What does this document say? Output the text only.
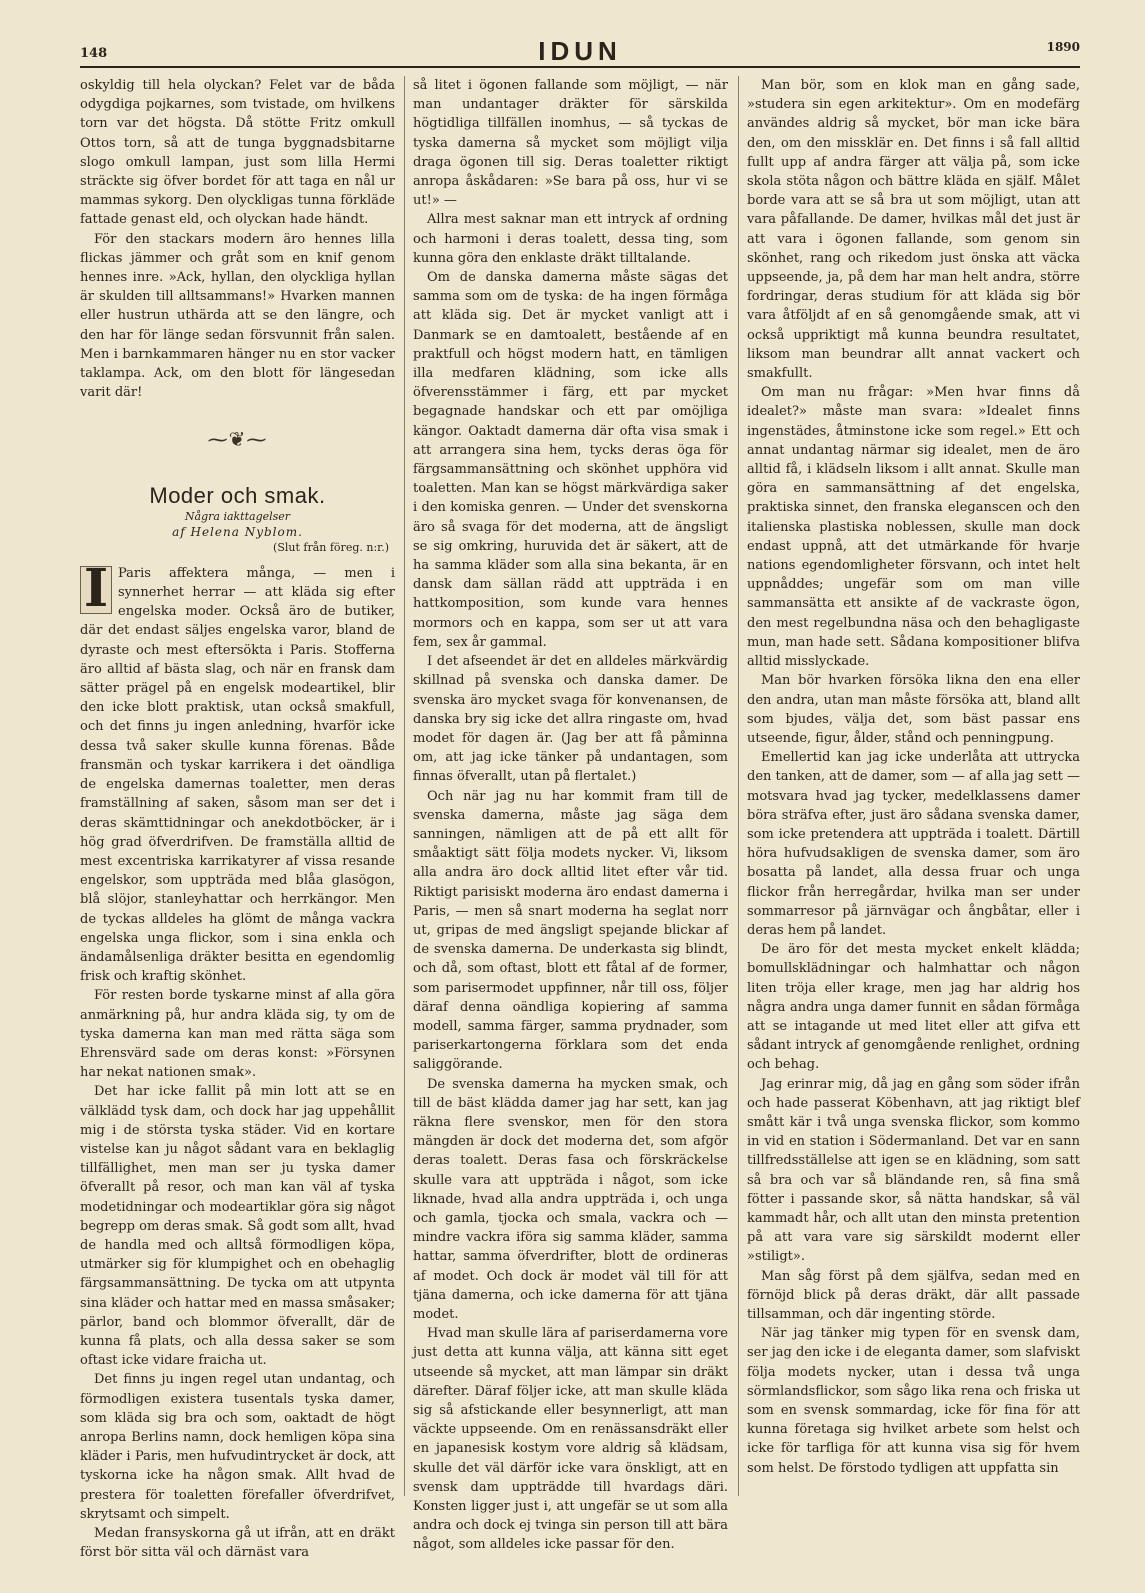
148	IDUN	1890

oskyldig till hela olyckan? Felet var de båda odygdiga pojkarnes, som tvistade, om hvilkens torn var det högsta. Då stötte Fritz omkull Ottos torn, så att de tunga byggnadsbitarne slogo omkull lampan, just som lilla Hermi sträckte sig öfver bordet för att taga en nål ur mammas sykorg. Den olyckligas tunna förkläde fattade genast eld, och olyckan hade händt.

För den stackars modern äro hennes lilla flickas jämmer och gråt som en knif genom hennes inre. »Ack, hyllan, den olyckliga hyllan är skulden till alltsammans!» Hvarken mannen eller hustrun uthärda att se den längre, och den har för länge sedan försvunnit från salen. Men i barnkammaren hänger nu en stor vacker taklampa. Ack, om den blott för längesedan varit där!

⁓❦⁓
Moder och smak.
Några iakttagelser
af Helena Nyblom.
(Slut från föreg. n:r.)

I Paris affektera många, — men i synnerhet herrar — att kläda sig efter engelska moder. Också äro de butiker, där det endast säljes engelska varor, bland de dyraste och mest eftersökta i Paris. Stofferna äro alltid af bästa slag, och när en fransk dam sätter prägel på en engelsk modeartikel, blir den icke blott praktisk, utan också smakfull, och det finns ju ingen anledning, hvarför icke dessa två saker skulle kunna förenas. Både fransmän och tyskar karrikera i det oändliga de engelska damernas toaletter, men deras framställning af saken, såsom man ser det i deras skämttidningar och anekdotböcker, är i hög grad öfverdrifven. De framställa alltid de mest excentriska karrikatyrer af vissa resande engelskor, som uppträda med blåa glasögon, blå slöjor, stanleyhattar och herrkängor. Men de tyckas alldeles ha glömt de många vackra engelska unga flickor, som i sina enkla och ändamålsenliga dräkter besitta en egendomlig frisk och kraftig skönhet.

För resten borde tyskarne minst af alla göra anmärkning på, hur andra kläda sig, ty om de tyska damerna kan man med rätta säga som Ehrensvärd sade om deras konst: »Försynen har nekat nationen smak».

Det har icke fallit på min lott att se en välklädd tysk dam, och dock har jag uppehållit mig i de största tyska städer. Vid en kortare vistelse kan ju något sådant vara en beklaglig tillfällighet, men man ser ju tyska damer öfverallt på resor, och man kan väl af tyska modetidningar och modeartiklar göra sig något begrepp om deras smak. Så godt som allt, hvad de handla med och alltså förmodligen köpa, utmärker sig för klumpighet och en obehaglig färgsammansättning. De tycka om att utpynta sina kläder och hattar med en massa småsaker; pärlor, band och blommor öfverallt, där de kunna få plats, och alla dessa saker se som oftast icke vidare fraicha ut.

Det finns ju ingen regel utan undantag, och förmodligen existera tusentals tyska damer, som kläda sig bra och som, oaktadt de högt anropa Berlins namn, dock hemligen köpa sina kläder i Paris, men hufvudintrycket är dock, att tyskorna icke ha någon smak. Allt hvad de prestera för toaletten förefaller öfverdrifvet, skrytsamt och simpelt.

Medan fransyskorna gå ut ifrån, att en dräkt först bör sitta väl och därnäst vara

så litet i ögonen fallande som möjligt, — när man undantager dräkter för särskilda högtidliga tillfällen inomhus, — så tyckas de tyska damerna så mycket som möjligt vilja draga ögonen till sig. Deras toaletter riktigt anropa åskådaren: »Se bara på oss, hur vi se ut!» —

Allra mest saknar man ett intryck af ordning och harmoni i deras toalett, dessa ting, som kunna göra den enklaste dräkt tilltalande.

Om de danska damerna måste sägas det samma som om de tyska: de ha ingen förmåga att kläda sig. Det är mycket vanligt att i Danmark se en damtoalett, bestående af en praktfull och högst modern hatt, en tämligen illa medfaren klädning, som icke alls öfverensstämmer i färg, ett par mycket begagnade handskar och ett par omöjliga kängor. Oaktadt damerna där ofta visa smak i att arrangera sina hem, tycks deras öga för färgsammansättning och skönhet upphöra vid toaletten. Man kan se högst märkvärdiga saker i den komiska genren. — Under det svenskorna äro så svaga för det moderna, att de ängsligt se sig omkring, huruvida det är säkert, att de ha samma kläder som alla sina bekanta, är en dansk dam sällan rädd att uppträda i en hattkomposition, som kunde vara hennes mormors och en kappa, som ser ut att vara fem, sex år gammal.

I det afseendet är det en alldeles märkvärdig skillnad på svenska och danska damer. De svenska äro mycket svaga för konvenansen, de danska bry sig icke det allra ringaste om, hvad modet för dagen är. (Jag ber att få påminna om, att jag icke tänker på undantagen, som finnas öfverallt, utan på flertalet.)

Och när jag nu har kommit fram till de svenska damerna, måste jag säga dem sanningen, nämligen att de på ett allt för småaktigt sätt följa modets nycker. Vi, liksom alla andra äro dock alltid litet efter vår tid. Riktigt parisiskt moderna äro endast damerna i Paris, — men så snart moderna ha seglat norr ut, gripas de med ängsligt spejande blickar af de svenska damerna. De underkasta sig blindt, och då, som oftast, blott ett fåtal af de former, som parisermodet uppfinner, når till oss, följer däraf denna oändliga kopiering af samma modell, samma färger, samma prydnader, som pariserkartongerna förklara som det enda saliggörande.

De svenska damerna ha mycken smak, och till de bäst klädda damer jag har sett, kan jag räkna flere svenskor, men för den stora mängden är dock det moderna det, som afgör deras toalett. Deras fasa och förskräckelse skulle vara att uppträda i något, som icke liknade, hvad alla andra uppträda i, och unga och gamla, tjocka och smala, vackra och — mindre vackra iföra sig samma kläder, samma hattar, samma öfverdrifter, blott de ordineras af modet. Och dock är modet väl till för att tjäna damerna, och icke damerna för att tjäna modet.

Hvad man skulle lära af pariserdamerna vore just detta att kunna välja, att känna sitt eget utseende så mycket, att man lämpar sin dräkt därefter. Däraf följer icke, att man skulle kläda sig så afstickande eller besynnerligt, att man väckte uppseende. Om en renässansdräkt eller en japanesisk kostym vore aldrig så klädsam, skulle det väl därför icke vara önskligt, att en svensk dam uppträdde till hvardags däri. Konsten ligger just i, att ungefär se ut som alla andra och dock ej tvinga sin person till att bära något, som alldeles icke passar för den.

Man bör, som en klok man en gång sade, »studera sin egen arkitektur». Om en modefärg användes aldrig så mycket, bör man icke bära den, om den missklär en. Det finns i så fall alltid fullt upp af andra färger att välja på, som icke skola stöta någon och bättre kläda en själf. Målet borde vara att se så bra ut som möjligt, utan att vara påfallande. De damer, hvilkas mål det just är att vara i ögonen fallande, som genom sin skönhet, rang och rikedom just önska att väcka uppseende, ja, på dem har man helt andra, större fordringar, deras studium för att kläda sig bör vara åtföljdt af en så genomgående smak, att vi också uppriktigt må kunna beundra resultatet, liksom man beundrar allt annat vackert och smakfullt.

Om man nu frågar: »Men hvar finns då idealet?» måste man svara: »Idealet finns ingenstädes, åtminstone icke som regel.» Ett och annat undantag närmar sig idealet, men de äro alltid få, i klädseln liksom i allt annat. Skulle man göra en sammansättning af det engelska, praktiska sinnet, den franska eleganscen och den italienska plastiska noblessen, skulle man dock endast uppnå, att det utmärkande för hvarje nations egendomligheter försvann, och intet helt uppnåddes; ungefär som om man ville sammansätta ett ansikte af de vackraste ögon, den mest regelbundna näsa och den behagligaste mun, man hade sett. Sådana kompositioner blifva alltid misslyckade.

Man bör hvarken försöka likna den ena eller den andra, utan man måste försöka att, bland allt som bjudes, välja det, som bäst passar ens utseende, figur, ålder, stånd och penningpung.

Emellertid kan jag icke underlåta att uttrycka den tanken, att de damer, som — af alla jag sett — motsvara hvad jag tycker, medelklassens damer böra sträfva efter, just äro sådana svenska damer, som icke pretendera att uppträda i toalett. Därtill höra hufvudsakligen de svenska damer, som äro bosatta på landet, alla dessa fruar och unga flickor från herregårdar, hvilka man ser under sommarresor på järnvägar och ångbåtar, eller i deras hem på landet.

De äro för det mesta mycket enkelt klädda; bomullsklädningar och halmhattar och någon liten tröja eller krage, men jag har aldrig hos några andra unga damer funnit en sådan förmåga att se intagande ut med litet eller att gifva ett sådant intryck af genomgående renlighet, ordning och behag.

Jag erinrar mig, då jag en gång som söder ifrån och hade passerat Köbenhavn, att jag riktigt blef smått kär i två unga svenska flickor, som kommo in vid en station i Södermanland. Det var en sann tillfredsställelse att igen se en klädning, som satt så bra och var så bländande ren, så fina små fötter i passande skor, så nätta handskar, så väl kammadt hår, och allt utan den minsta pretention på att vara vare sig särskildt modernt eller »stiligt».

Man såg först på dem själfva, sedan med en förnöjd blick på deras dräkt, där allt passade tillsamman, och där ingenting störde.

När jag tänker mig typen för en svensk dam, ser jag den icke i de eleganta damer, som slafviskt följa modets nycker, utan i dessa två unga sörmlandsflickor, som sågo lika rena och friska ut som en svensk sommardag, icke för fina för att kunna företaga sig hvilket arbete som helst och icke för tarfliga för att kunna visa sig för hvem som helst. De förstodo tydligen att uppfatta sin
